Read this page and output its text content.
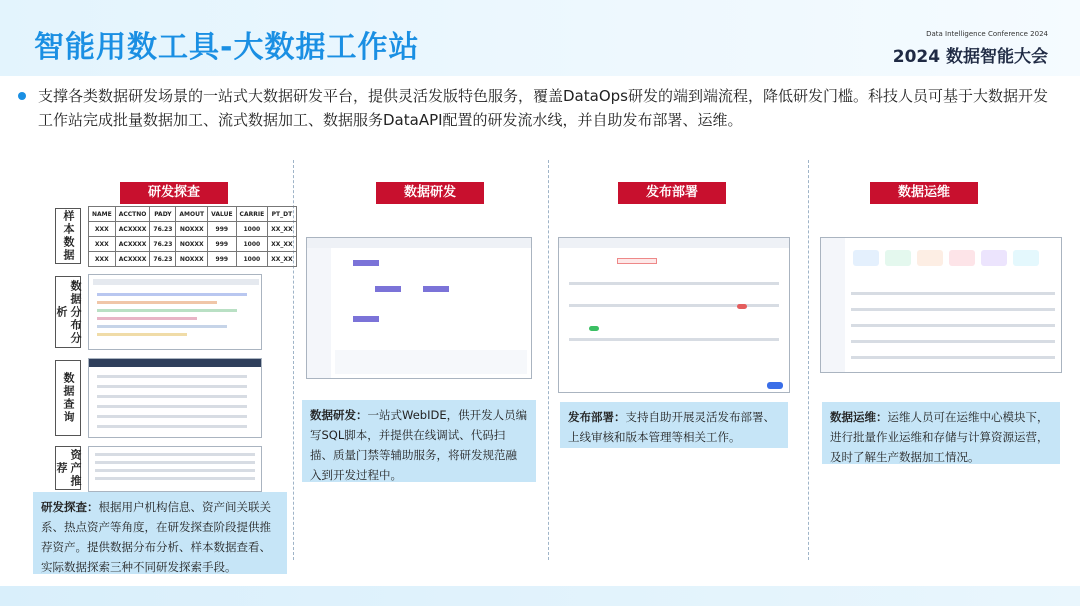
智能用数工具-大数据工作站	Data Intelligence Conference 2024
2024 数据智能大会
支撑各类数据研发场景的一站式大数据研发平台，提供灵活发版特色服务，覆盖DataOps研发的端到端流程，降低研发门槛。科技人员可基于大数据开发工作站完成批量数据加工、流式数据加工、数据服务DataAPI配置的研发流水线，并自助发布部署、运维。
研发探查
样本数据	NAME	ACCTNO	PADY	AMOUT	VALUE	CARRIE	PT_DT
XXX	ACXXXX	76.23	NOXXX	999	1000	XX_XX
XXX	ACXXXX	76.23	NOXXX	999	1000	XX_XX
XXX	ACXXXX	76.23	NOXXX	999	1000	XX_XX
数据分布分析
数据查询
资产推荐
研发探查：根据用户机构信息、资产间关联关系、热点资产等角度，在研发探查阶段提供推荐资产。提供数据分布分析、样本数据查看、实际数据探索三种不同研发探索手段。
数据研发
数据研发：一站式WebIDE，供开发人员编写SQL脚本，并提供在线调试、代码扫描、质量门禁等辅助服务，将研发规范融入到开发过程中。
发布部署
发布部署：支持自助开展灵活发布部署、上线审核和版本管理等相关工作。
数据运维
数据运维：运维人员可在运维中心模块下，进行批量作业运维和存储与计算资源运营，及时了解生产数据加工情况。
